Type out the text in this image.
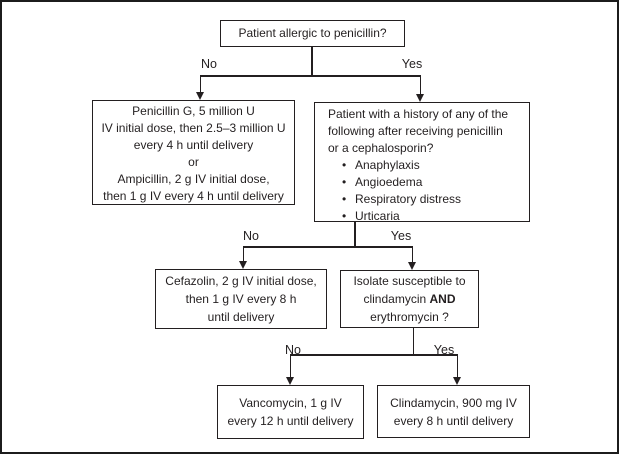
Patient allergic to penicillin?
No	Yes
Penicillin G, 5 million U
IV initial dose, then 2.5–3 million U
every 4 h until delivery
or
Ampicillin, 2 g IV initial dose,
then 1 g IV every 4 h until delivery
Patient with a history of any of the
following after receiving penicillin
or a cephalosporin?
• Anaphylaxis
• Angioedema
• Respiratory distress
• Urticaria
No	Yes
Cefazolin, 2 g IV initial dose,
then 1 g IV every 8 h
until delivery
Isolate susceptible to
clindamycin AND
erythromycin ?
No	Yes
Vancomycin, 1 g IV
every 12 h until delivery
Clindamycin, 900 mg IV
every 8 h until delivery
